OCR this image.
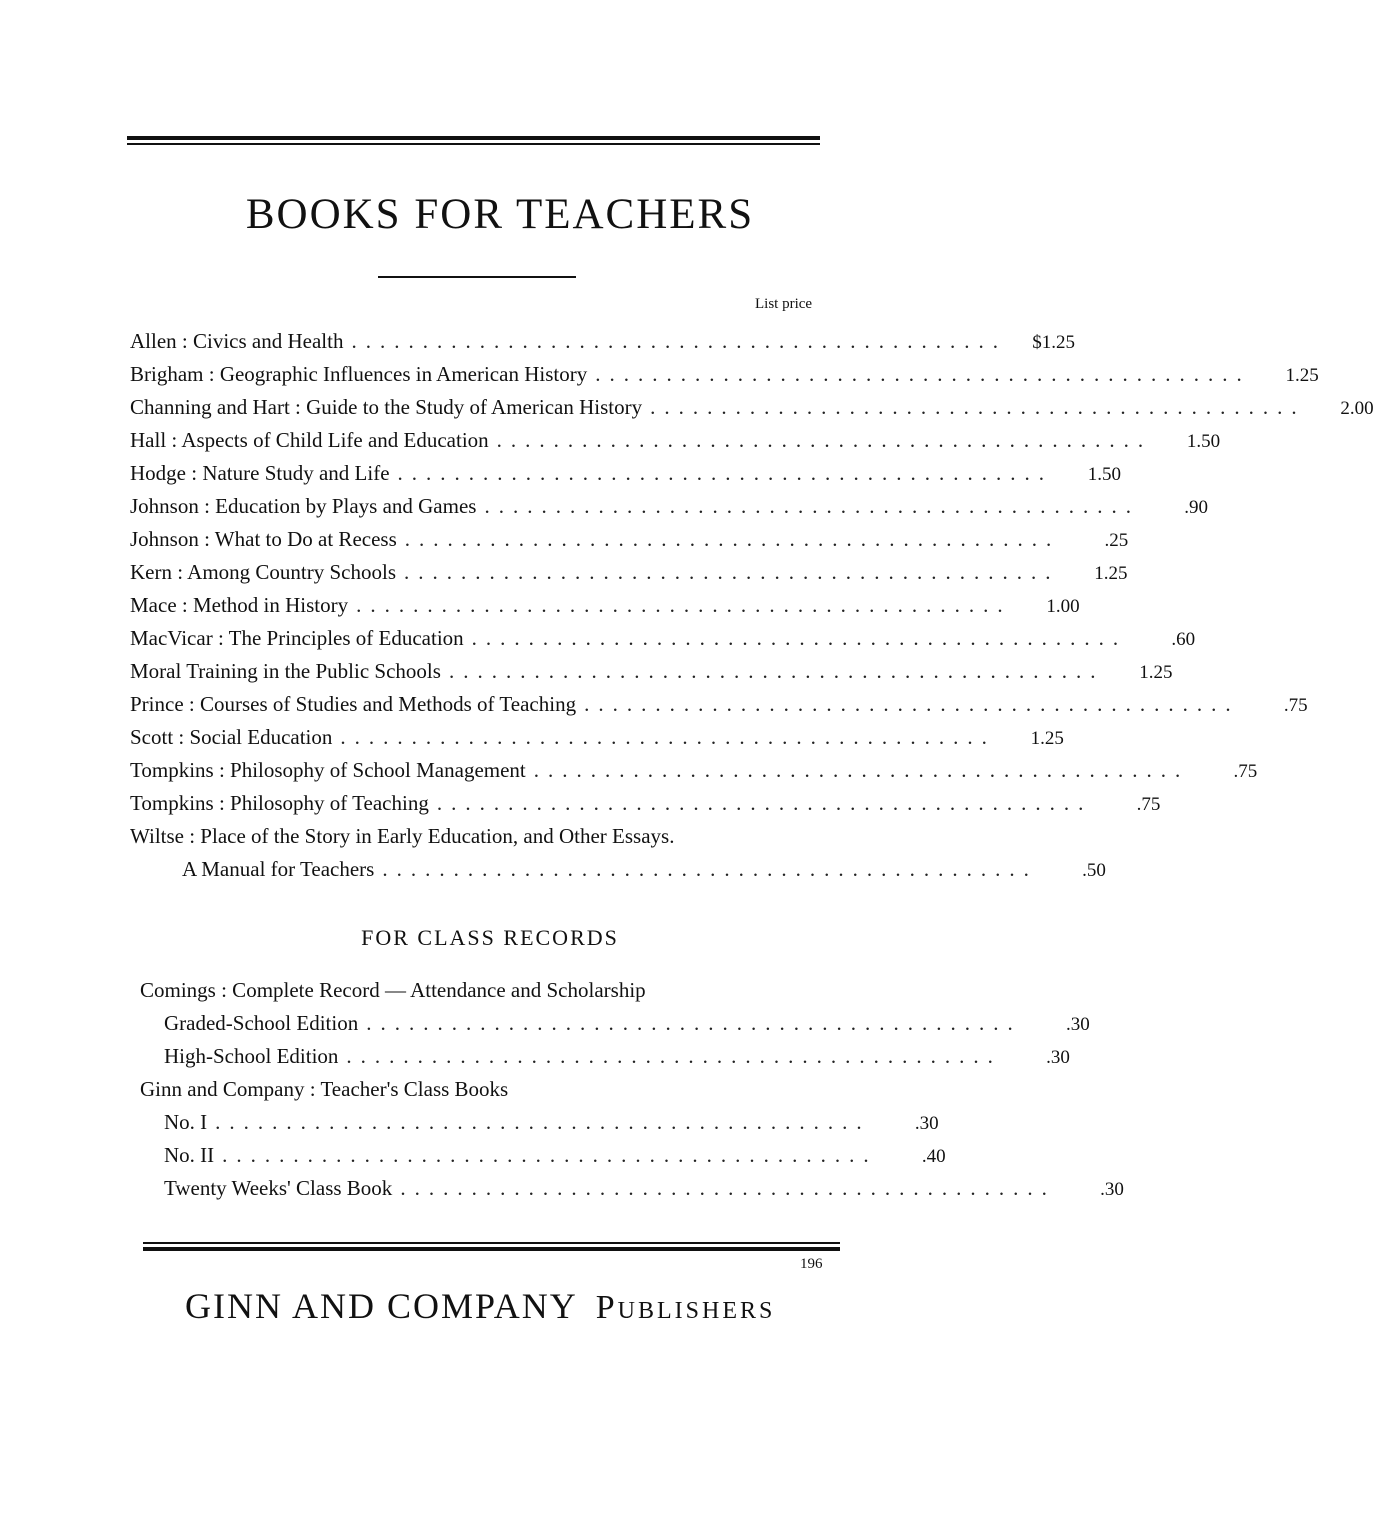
BOOKS FOR TEACHERS
List price
Allen : Civics and Health ..............................................	$1.25
Brigham : Geographic Influences in American History ..............................................	1.25
Channing and Hart : Guide to the Study of American History ..............................................	2.00
Hall : Aspects of Child Life and Education ..............................................	1.50
Hodge : Nature Study and Life ..............................................	1.50
Johnson : Education by Plays and Games ..............................................	.90
Johnson : What to Do at Recess ..............................................	.25
Kern : Among Country Schools ..............................................	1.25
Mace : Method in History ..............................................	1.00
MacVicar : The Principles of Education ..............................................	.60
Moral Training in the Public Schools ..............................................	1.25
Prince : Courses of Studies and Methods of Teaching ..............................................	.75
Scott : Social Education ..............................................	1.25
Tompkins : Philosophy of School Management ..............................................	.75
Tompkins : Philosophy of Teaching ..............................................	.75
Wiltse : Place of the Story in Early Education, and Other Essays.
A Manual for Teachers ..............................................	.50
FOR CLASS RECORDS
Comings : Complete Record — Attendance and Scholarship
Graded-School Edition ..............................................	.30
High-School Edition ..............................................	.30
Ginn and Company : Teacher's Class Books
No. I ..............................................	.30
No. II ..............................................	.40
Twenty Weeks' Class Book ..............................................	.30
196
GINN AND COMPANY Publishers
